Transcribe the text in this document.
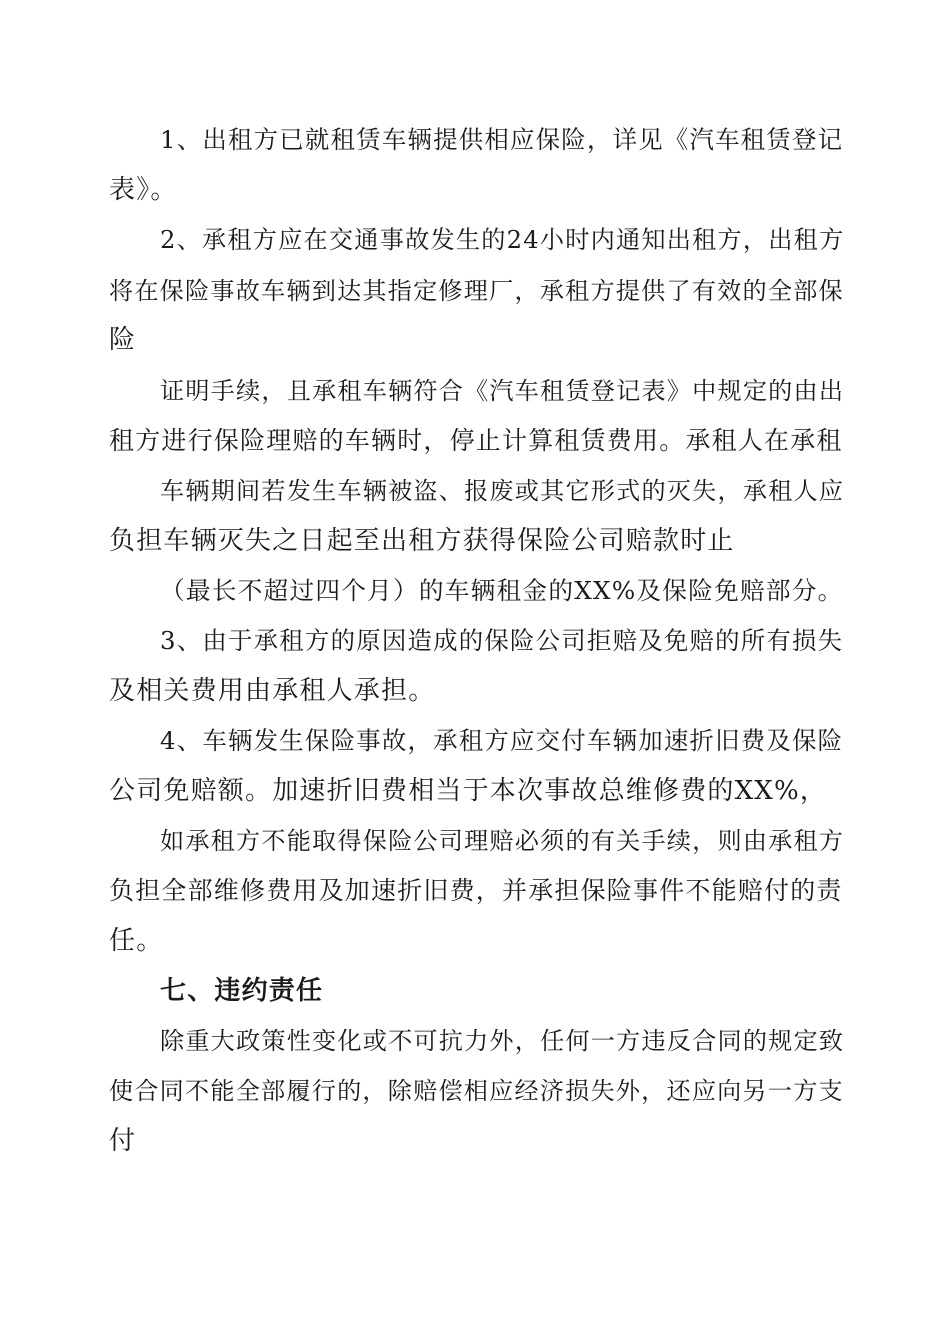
1、出租方已就租赁车辆提供相应保险，详见《汽车租赁登记
表》。
2、承租方应在交通事故发生的24小时内通知出租方，出租方
将在保险事故车辆到达其指定修理厂，承租方提供了有效的全部保
险
证明手续，且承租车辆符合《汽车租赁登记表》中规定的由出
租方进行保险理赔的车辆时，停止计算租赁费用。承租人在承租
车辆期间若发生车辆被盗、报废或其它形式的灭失，承租人应
负担车辆灭失之日起至出租方获得保险公司赔款时止
（最长不超过四个月）的车辆租金的XX%及保险免赔部分。
3、由于承租方的原因造成的保险公司拒赔及免赔的所有损失
及相关费用由承租人承担。
4、车辆发生保险事故，承租方应交付车辆加速折旧费及保险
公司免赔额。加速折旧费相当于本次事故总维修费的XX%，
如承租方不能取得保险公司理赔必须的有关手续，则由承租方
负担全部维修费用及加速折旧费，并承担保险事件不能赔付的责
任。
七、违约责任
除重大政策性变化或不可抗力外，任何一方违反合同的规定致
使合同不能全部履行的，除赔偿相应经济损失外，还应向另一方支
付
